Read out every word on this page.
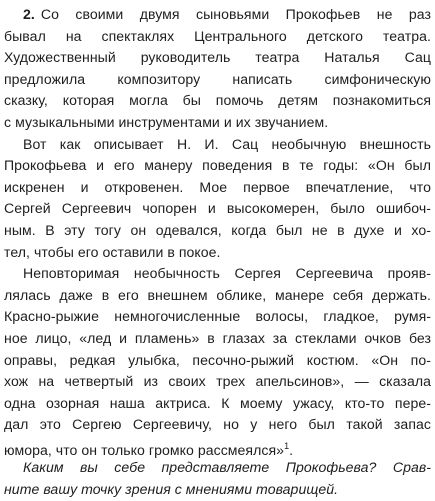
2. Со своими двумя сыновьями Прокофьев не раз
бывал на спектаклях Центрального детского театра.
Художественный руководитель театра Наталья Сац
предложила композитору написать симфоническую
сказку, которая могла бы помочь детям познакомиться
с музыкальными инструментами и их звучанием.
Вот как описывает Н. И. Сац необычную внешность
Прокофьева и его манеру поведения в те годы: «Он был
искренен и откровенен. Мое первое впечатление, что
Сергей Сергеевич чопорен и высокомерен, было ошибоч-
ным. В эту тогу он одевался, когда был не в духе и хо-
тел, чтобы его оставили в покое.
Неповторимая необычность Сергея Сергеевича прояв-
лялась даже в его внешнем облике, манере себя держать.
Красно-рыжие немногочисленные волосы, гладкое, румя-
ное лицо, «лед и пламень» в глазах за стеклами очков без
оправы, редкая улыбка, песочно-рыжий костюм. «Он по-
хож на четвертый из своих трех апельсинов», — сказала
одна озорная наша актриса. К моему ужасу, кто-то пере-
дал это Сергею Сергеевичу, но у него был такой запас
юмора, что он только громко рассмеялся»$^1$.
Каким вы себе представляете Прокофьева? Срав-
ните вашу точку зрения с мнениями товарищей.
